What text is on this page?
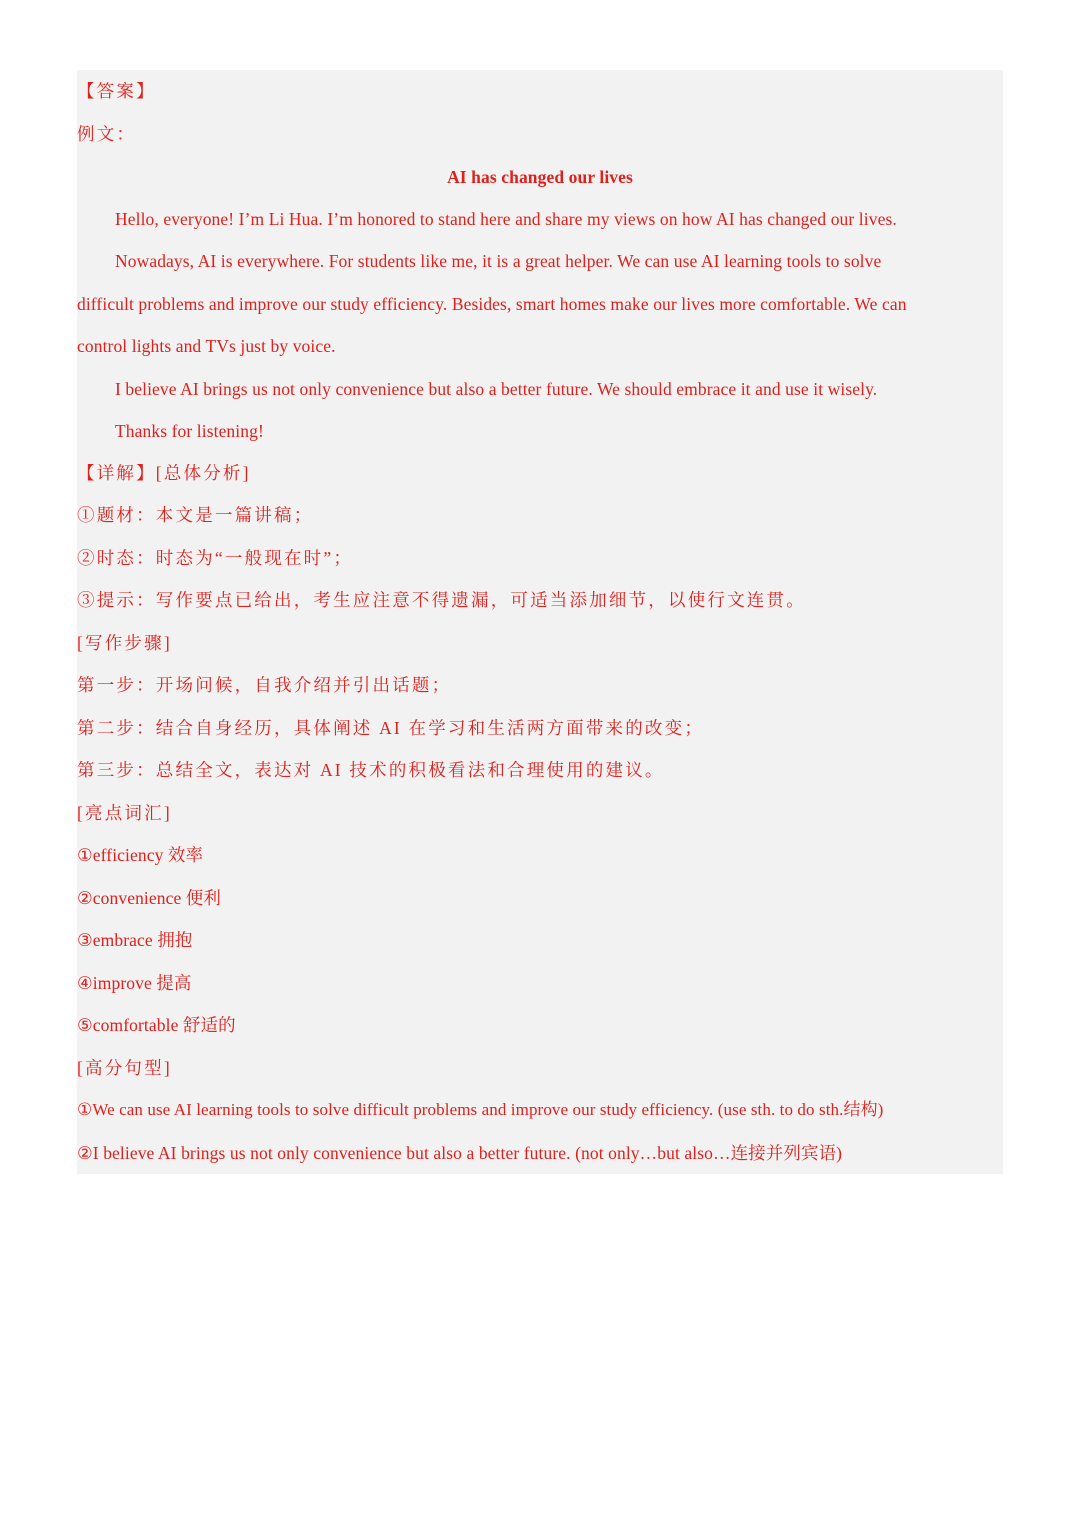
【答案】
例文：
AI has changed our lives
Hello, everyone! I’m Li Hua. I’m honored to stand here and share my views on how AI has changed our lives.
Nowadays, AI is everywhere. For students like me, it is a great helper. We can use AI learning tools to solve
difficult problems and improve our study efficiency. Besides, smart homes make our lives more comfortable. We can
control lights and TVs just by voice.
I believe AI brings us not only convenience but also a better future. We should embrace it and use it wisely.
Thanks for listening!
【详解】[总体分析]
①题材：本文是一篇讲稿；
②时态：时态为“一般现在时”；
③提示：写作要点已给出，考生应注意不得遗漏，可适当添加细节，以使行文连贯。
[写作步骤]
第一步：开场问候，自我介绍并引出话题；
第二步：结合自身经历，具体阐述 AI 在学习和生活两方面带来的改变；
第三步：总结全文，表达对 AI 技术的积极看法和合理使用的建议。
[亮点词汇]
①efficiency 效率
②convenience 便利
③embrace 拥抱
④improve 提高
⑤comfortable 舒适的
[高分句型]
①We can use AI learning tools to solve difficult problems and improve our study efficiency. (use sth. to do sth.结构)
②I believe AI brings us not only convenience but also a better future. (not only…but also…连接并列宾语)
